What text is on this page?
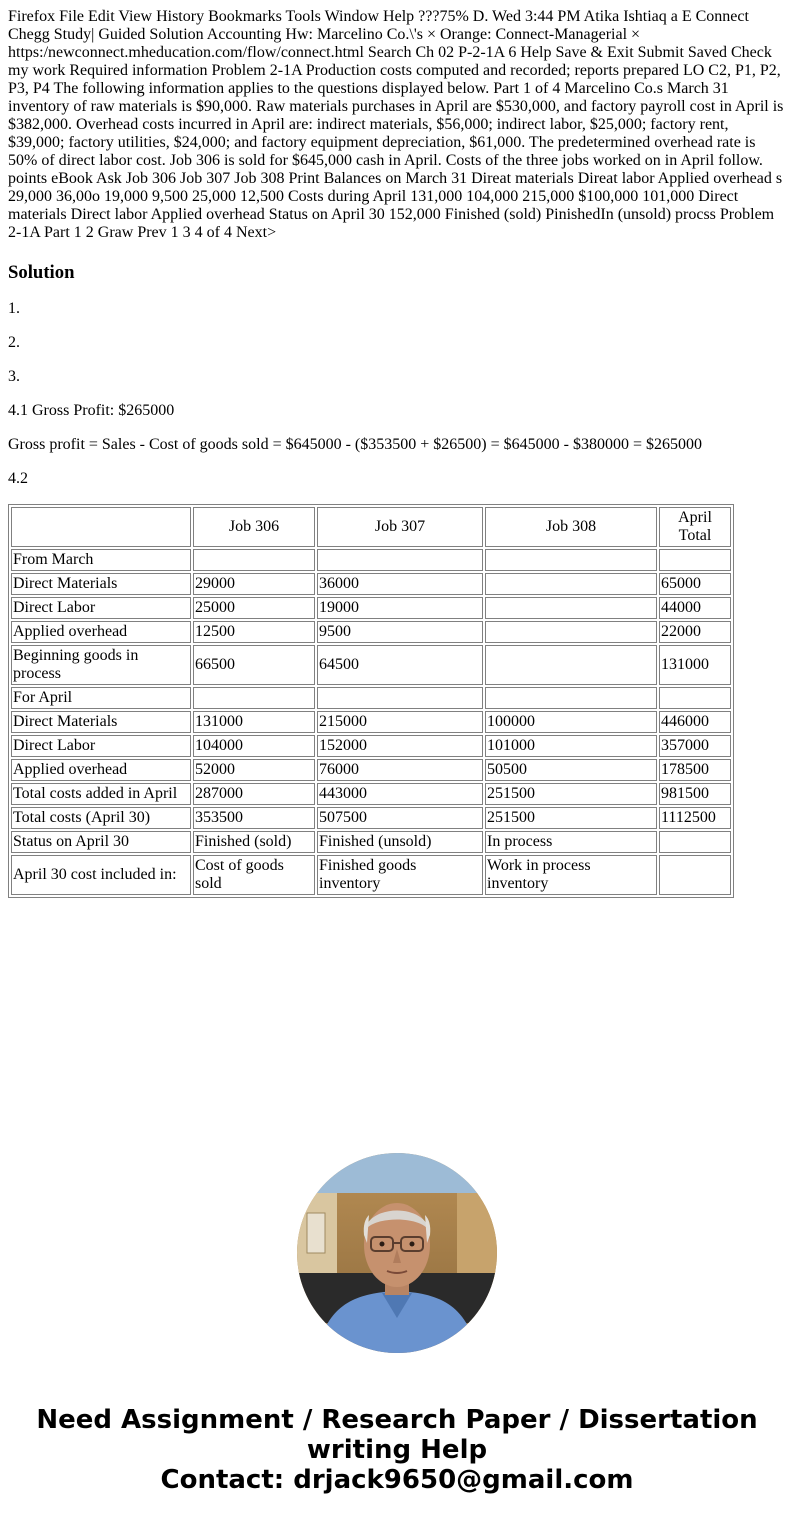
Firefox File Edit View History Bookmarks Tools Window Help ???75% D. Wed 3:44 PM Atika Ishtiaq a E Connect Chegg Study| Guided Solution Accounting Hw: Marcelino Co.\'s × Orange: Connect-Managerial × https:/newconnect.mheducation.com/flow/connect.html Search Ch 02 P-2-1A 6 Help Save & Exit Submit Saved Check my work Required information Problem 2-1A Production costs computed and recorded; reports prepared LO C2, P1, P2, P3, P4 The following information applies to the questions displayed below. Part 1 of 4 Marcelino Co.s March 31 inventory of raw materials is $90,000. Raw materials purchases in April are $530,000, and factory payroll cost in April is $382,000. Overhead costs incurred in April are: indirect materials, $56,000; indirect labor, $25,000; factory rent, $39,000; factory utilities, $24,000; and factory equipment depreciation, $61,000. The predetermined overhead rate is 50% of direct labor cost. Job 306 is sold for $645,000 cash in April. Costs of the three jobs worked on in April follow. points eBook Ask Job 306 Job 307 Job 308 Print Balances on March 31 Direat materials Direat labor Applied overhead s 29,000 36,00o 19,000 9,500 25,000 12,500 Costs during April 131,000 104,000 215,000 $100,000 101,000 Direct materials Direct labor Applied overhead Status on April 30 152,000 Finished (sold) PinishedIn (unsold) procss Problem 2-1A Part 1 2 Graw Prev 1 3 4 of 4 Next>

Solution

1.

2.

3.

4.1 Gross Profit: $265000

Gross profit = Sales - Cost of goods sold = $645000 - ($353500 + $26500) = $645000 - $380000 = $265000

4.2

	Job 306	Job 307	Job 308	April Total
From March				
Direct Materials	29000	36000		65000
Direct Labor	25000	19000		44000
Applied overhead	12500	9500		22000
Beginning goods in process	66500	64500		131000
For April				
Direct Materials	131000	215000	100000	446000
Direct Labor	104000	152000	101000	357000
Applied overhead	52000	76000	50500	178500
Total costs added in April	287000	443000	251500	981500
Total costs (April 30)	353500	507500	251500	1112500
Status on April 30	Finished (sold)	Finished (unsold)	In process	
April 30 cost included in:	Cost of goods sold	Finished goods inventory	Work in process inventory	
Need Assignment / Research Paper / Dissertation
writing Help
Contact: drjack9650@gmail.com
